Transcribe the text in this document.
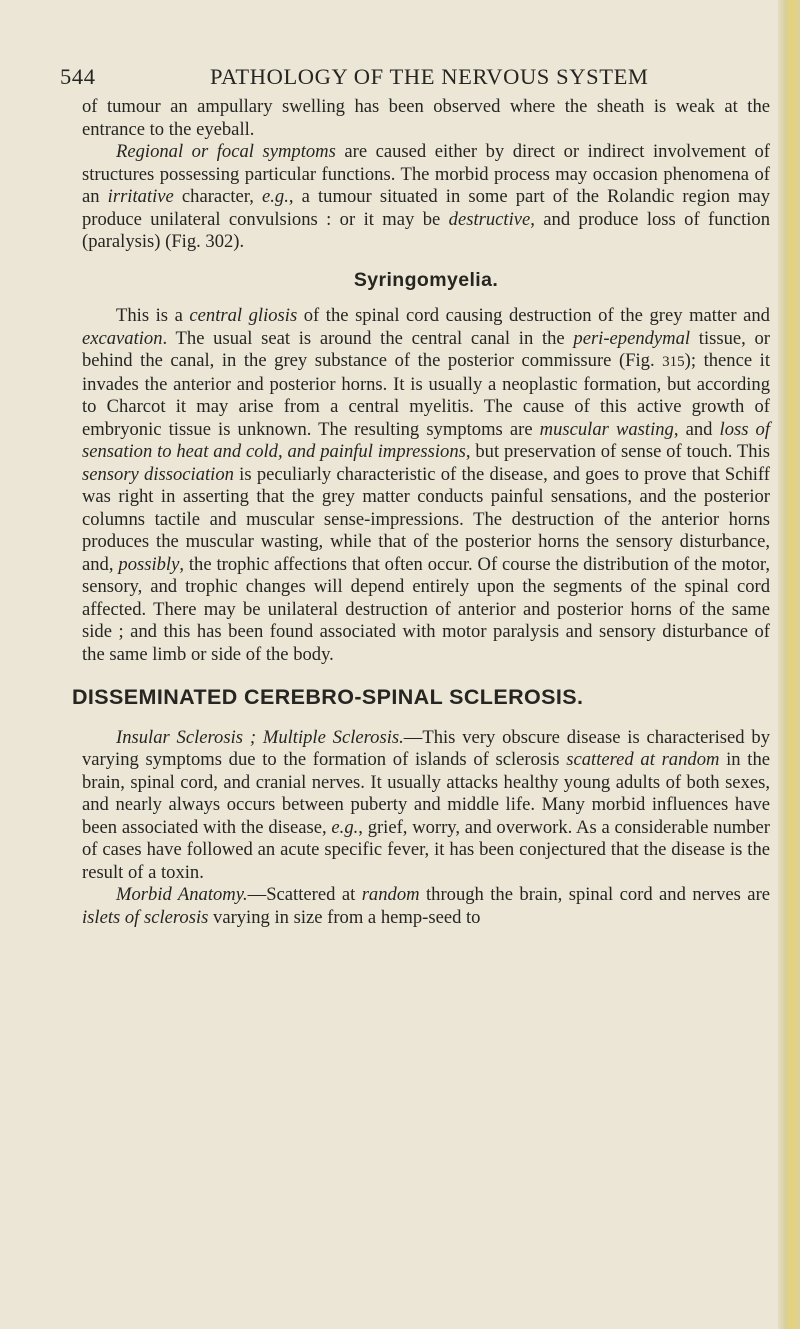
544	PATHOLOGY OF THE NERVOUS SYSTEM

of tumour an ampullary swelling has been observed where the sheath is weak at the entrance to the eyeball.

Regional or focal symptoms are caused either by direct or indirect involvement of structures possessing particular functions. The morbid process may occasion phenomena of an irritative character, e.g., a tumour situated in some part of the Rolandic region may produce unilateral convulsions : or it may be destructive, and produce loss of function (paralysis) (Fig. 302).

Syringomyelia.

This is a central gliosis of the spinal cord causing destruction of the grey matter and excavation. The usual seat is around the central canal in the peri-ependymal tissue, or behind the canal, in the grey substance of the posterior commissure (Fig. 315); thence it invades the anterior and posterior horns. It is usually a neoplastic formation, but according to Charcot it may arise from a central myelitis. The cause of this active growth of embryonic tissue is unknown. The resulting symptoms are muscular wasting, and loss of sensation to heat and cold, and painful impressions, but preservation of sense of touch. This sensory dissociation is peculiarly characteristic of the disease, and goes to prove that Schiff was right in asserting that the grey matter conducts painful sensations, and the posterior columns tactile and muscular sense-impressions. The destruction of the anterior horns produces the muscular wasting, while that of the posterior horns the sensory disturbance, and, possibly, the trophic affections that often occur. Of course the distribution of the motor, sensory, and trophic changes will depend entirely upon the segments of the spinal cord affected. There may be unilateral destruction of anterior and posterior horns of the same side ; and this has been found associated with motor paralysis and sensory disturbance of the same limb or side of the body.

DISSEMINATED CEREBRO-SPINAL SCLEROSIS.

Insular Sclerosis ; Multiple Sclerosis.—This very obscure disease is characterised by varying symptoms due to the formation of islands of sclerosis scattered at random in the brain, spinal cord, and cranial nerves. It usually attacks healthy young adults of both sexes, and nearly always occurs between puberty and middle life. Many morbid influences have been associated with the disease, e.g., grief, worry, and overwork. As a considerable number of cases have followed an acute specific fever, it has been conjectured that the disease is the result of a toxin.

Morbid Anatomy.—Scattered at random through the brain, spinal cord and nerves are islets of sclerosis varying in size from a hemp-seed to
